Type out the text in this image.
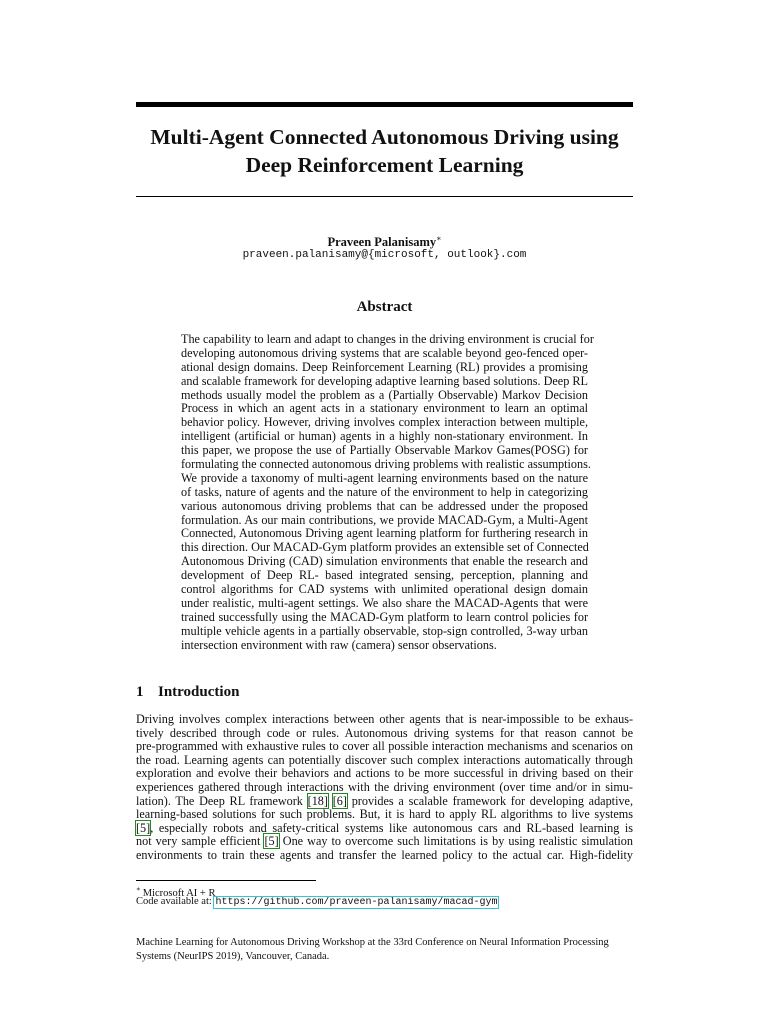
Multi-Agent Connected Autonomous Driving using
Deep Reinforcement Learning
Praveen Palanisamy∗
praveen.palanisamy@{microsoft, outlook}.com
Abstract
The capability to learn and adapt to changes in the driving environment is crucial for
developing autonomous driving systems that are scalable beyond geo-fenced oper-
ational design domains. Deep Reinforcement Learning (RL) provides a promising
and scalable framework for developing adaptive learning based solutions. Deep RL
methods usually model the problem as a (Partially Observable) Markov Decision
Process in which an agent acts in a stationary environment to learn an optimal
behavior policy. However, driving involves complex interaction between multiple,
intelligent (artificial or human) agents in a highly non-stationary environment. In
this paper, we propose the use of Partially Observable Markov Games(POSG) for
formulating the connected autonomous driving problems with realistic assumptions.
We provide a taxonomy of multi-agent learning environments based on the nature
of tasks, nature of agents and the nature of the environment to help in categorizing
various autonomous driving problems that can be addressed under the proposed
formulation. As our main contributions, we provide MACAD-Gym, a Multi-Agent
Connected, Autonomous Driving agent learning platform for furthering research in
this direction. Our MACAD-Gym platform provides an extensible set of Connected
Autonomous Driving (CAD) simulation environments that enable the research and
development of Deep RL- based integrated sensing, perception, planning and
control algorithms for CAD systems with unlimited operational design domain
under realistic, multi-agent settings. We also share the MACAD-Agents that were
trained successfully using the MACAD-Gym platform to learn control policies for
multiple vehicle agents in a partially observable, stop-sign controlled, 3-way urban
intersection environment with raw (camera) sensor observations.
1 Introduction
Driving involves complex interactions between other agents that is near-impossible to be exhaus-
tively described through code or rules. Autonomous driving systems for that reason cannot be
pre-programmed with exhaustive rules to cover all possible interaction mechanisms and scenarios on
the road. Learning agents can potentially discover such complex interactions automatically through
exploration and evolve their behaviors and actions to be more successful in driving based on their
experiences gathered through interactions with the driving environment (over time and/or in simu-
lation). The Deep RL framework [18] [6] provides a scalable framework for developing adaptive,
learning-based solutions for such problems. But, it is hard to apply RL algorithms to live systems
[5], especially robots and safety-critical systems like autonomous cars and RL-based learning is
not very sample efficient [5] One way to overcome such limitations is by using realistic simulation
environments to train these agents and transfer the learned policy to the actual car. High-fidelity
∗ Microsoft AI + R
Code available at: https://github.com/praveen-palanisamy/macad-gym
Machine Learning for Autonomous Driving Workshop at the 33rd Conference on Neural Information Processing
Systems (NeurIPS 2019), Vancouver, Canada.
